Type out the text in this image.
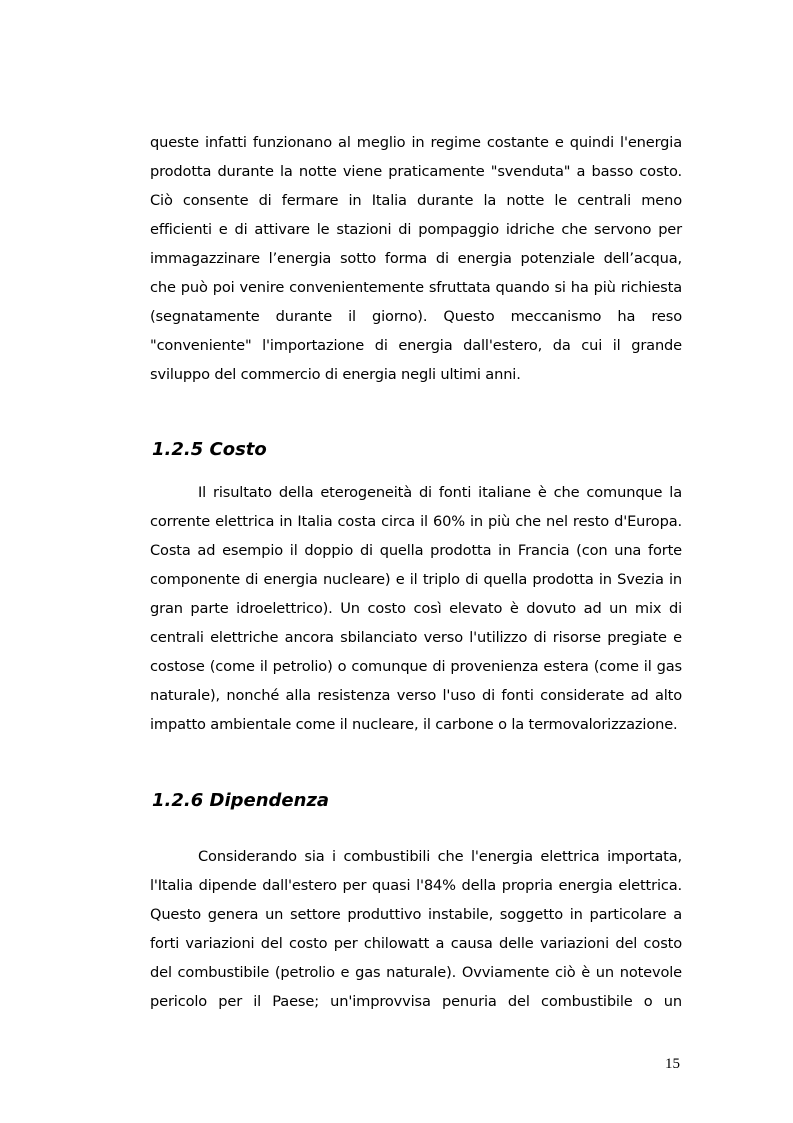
queste infatti funzionano al meglio in regime costante e quindi l'energia prodotta durante la notte viene praticamente "svenduta" a basso costo. Ciò consente di fermare in Italia durante la notte le centrali meno efficienti e di attivare le stazioni di pompaggio idriche che servono per immagazzinare l’energia sotto forma di energia potenziale dell’acqua, che può poi venire convenientemente sfruttata quando si ha più richiesta (segnatamente durante il giorno). Questo meccanismo ha reso "conveniente" l'importazione di energia dall'estero, da cui il grande sviluppo del commercio di energia negli ultimi anni.

1.2.5 Costo

Il risultato della eterogeneità di fonti italiane è che comunque la corrente elettrica in Italia costa circa il 60% in più che nel resto d'Europa. Costa ad esempio il doppio di quella prodotta in Francia (con una forte componente di energia nucleare) e il triplo di quella prodotta in Svezia in gran parte idroelettrico). Un costo così elevato è dovuto ad un mix di centrali elettriche ancora sbilanciato verso l'utilizzo di risorse pregiate e costose (come il petrolio) o comunque di provenienza estera (come il gas naturale), nonché alla resistenza verso l'uso di fonti considerate ad alto impatto ambientale come il nucleare, il carbone o la termovalorizzazione.

1.2.6 Dipendenza

Considerando sia i combustibili che l'energia elettrica importata, l'Italia dipende dall'estero per quasi l'84% della propria energia elettrica. Questo genera un settore produttivo instabile, soggetto in particolare a forti variazioni del costo per chilowatt a causa delle variazioni del costo del combustibile (petrolio e gas naturale). Ovviamente ciò è un notevole pericolo per il Paese; un'improvvisa penuria del combustibile o un

15
